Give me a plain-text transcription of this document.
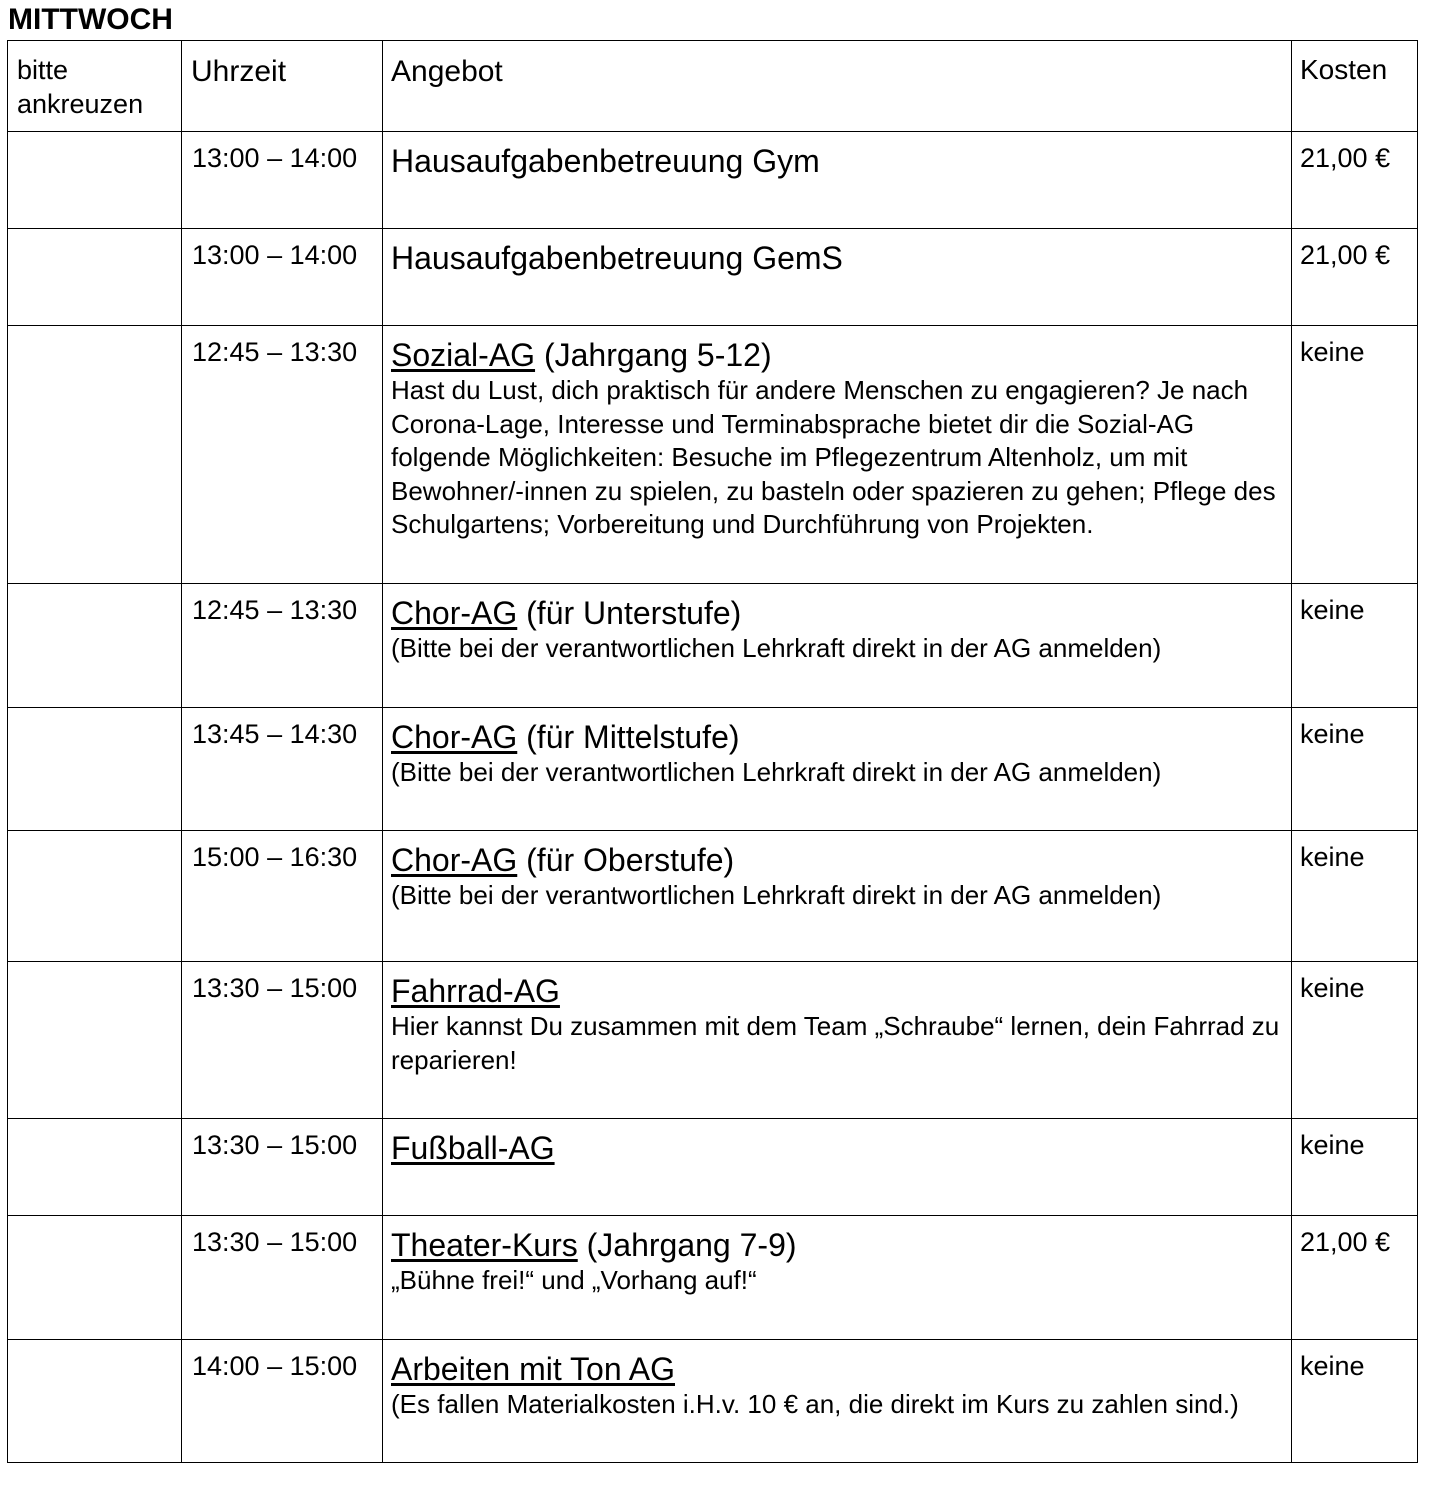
MITTWOCH
bitte
ankreuzen	Uhrzeit	Angebot	Kosten
	13:00 – 14:00	Hausaufgabenbetreuung Gym	21,00 €
	13:00 – 14:00	Hausaufgabenbetreuung GemS	21,00 €
	12:45 – 13:30	Sozial-AG (Jahrgang 5-12)
Hast du Lust, dich praktisch für andere Menschen zu engagieren? Je nach Corona-Lage, Interesse und Terminabsprache bietet dir die Sozial-AG folgende Möglichkeiten: Besuche im Pflegezentrum Altenholz, um mit Bewohner/-innen zu spielen, zu basteln oder spazieren zu gehen; Pflege des Schulgartens; Vorbereitung und Durchführung von Projekten.	keine
	12:45 – 13:30	Chor-AG (für Unterstufe)
(Bitte bei der verantwortlichen Lehrkraft direkt in der AG anmelden)	keine
	13:45 – 14:30	Chor-AG (für Mittelstufe)
(Bitte bei der verantwortlichen Lehrkraft direkt in der AG anmelden)	keine
	15:00 – 16:30	Chor-AG (für Oberstufe)
(Bitte bei der verantwortlichen Lehrkraft direkt in der AG anmelden)	keine
	13:30 – 15:00	Fahrrad-AG
Hier kannst Du zusammen mit dem Team „Schraube“ lernen, dein Fahrrad zu reparieren!	keine
	13:30 – 15:00	Fußball-AG	keine
	13:30 – 15:00	Theater-Kurs (Jahrgang 7-9)
„Bühne frei!“ und „Vorhang auf!“	21,00 €
	14:00 – 15:00	Arbeiten mit Ton AG
(Es fallen Materialkosten i.H.v. 10 € an, die direkt im Kurs zu zahlen sind.)	keine
